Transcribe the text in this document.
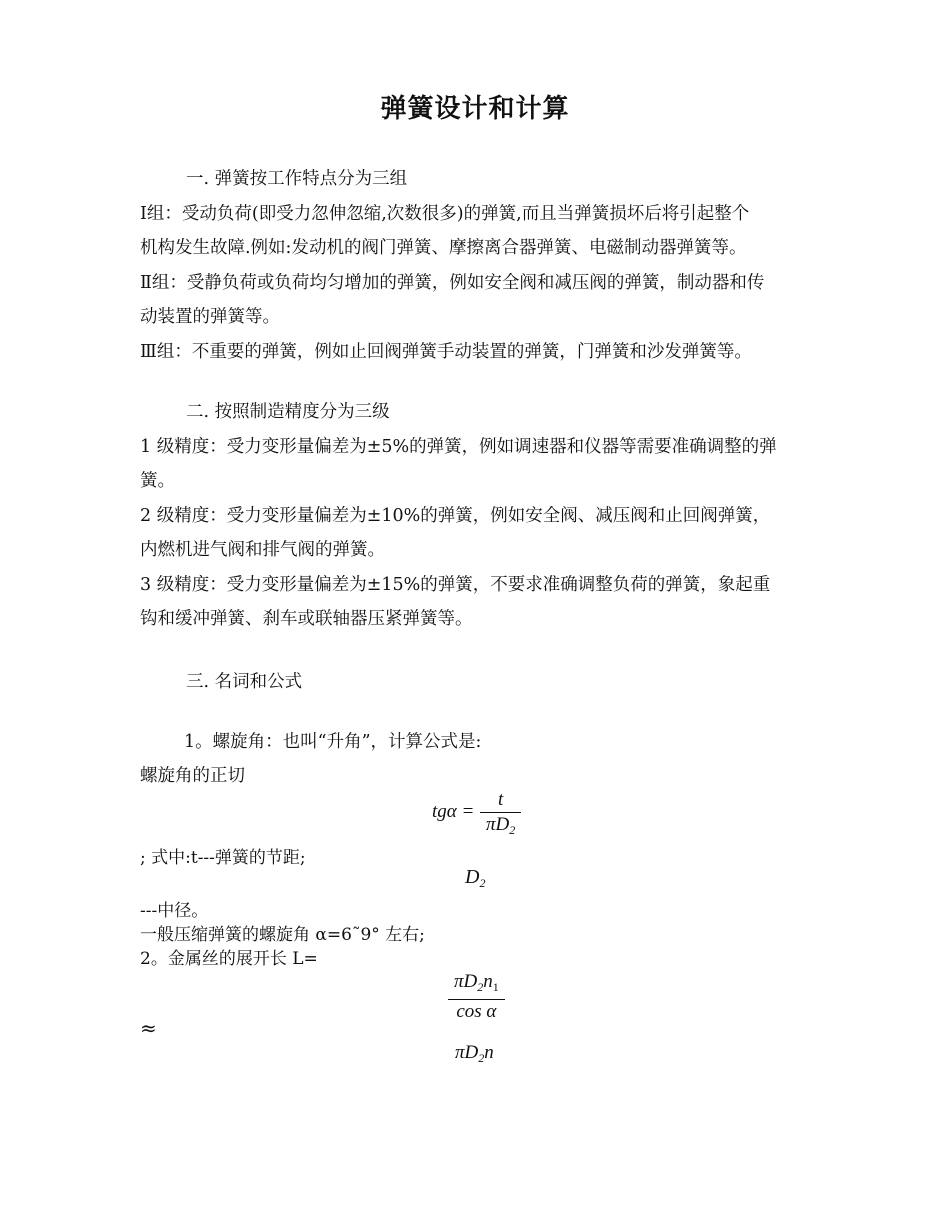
弹簧设计和计算
一. 弹簧按工作特点分为三组
Ⅰ组：受动负荷(即受力忽伸忽缩,次数很多)的弹簧,而且当弹簧损坏后将引起整个
机构发生故障.例如:发动机的阀门弹簧、摩擦离合器弹簧、电磁制动器弹簧等。
Ⅱ组：受静负荷或负荷均匀增加的弹簧，例如安全阀和减压阀的弹簧，制动器和传
动装置的弹簧等。
Ⅲ组：不重要的弹簧，例如止回阀弹簧手动装置的弹簧，门弹簧和沙发弹簧等。
二. 按照制造精度分为三级
1 级精度：受力变形量偏差为±5%的弹簧，例如调速器和仪器等需要准确调整的弹
簧。
2 级精度：受力变形量偏差为±10%的弹簧，例如安全阀、减压阀和止回阀弹簧，
内燃机进气阀和排气阀的弹簧。
3 级精度：受力变形量偏差为±15%的弹簧，不要求准确调整负荷的弹簧，象起重
钩和缓冲弹簧、刹车或联轴器压紧弹簧等。
三. 名词和公式
1。螺旋角：也叫“升角”，计算公式是:
螺旋角的正切
tgα =
t
$\pi D_2$
; 式中:t---弹簧的节距;
$D_2$
---中径。
一般压缩弹簧的螺旋角 α=6˜9° 左右;
2。金属丝的展开长 L=
$\pi D_2n_1$
cos α
≈
$\pi D_2n$
